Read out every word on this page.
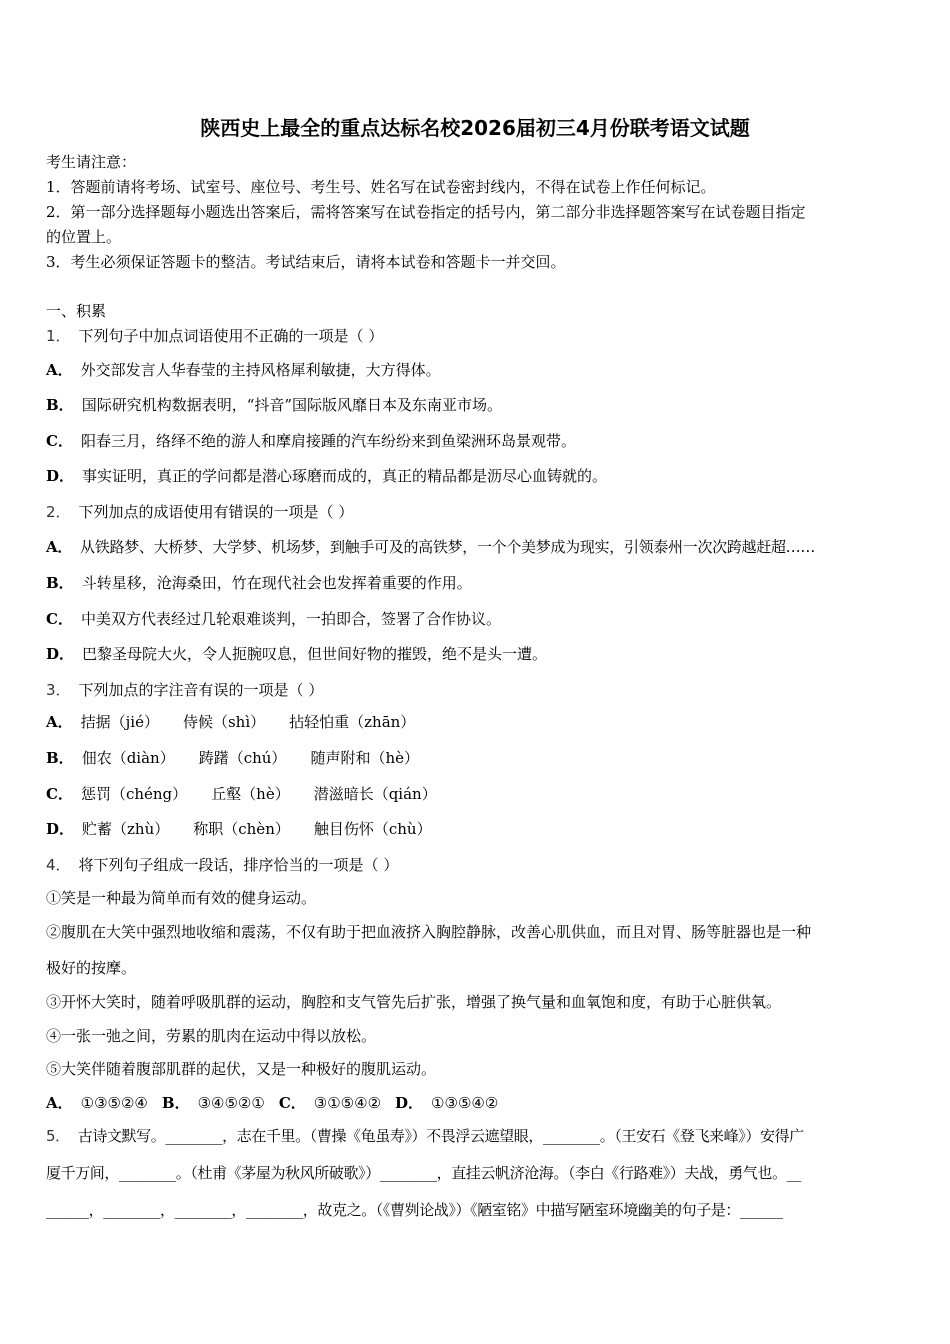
陕西史上最全的重点达标名校2026届初三4月份联考语文试题
考生请注意：
1．答题前请将考场、试室号、座位号、考生号、姓名写在试卷密封线内，不得在试卷上作任何标记。
2．第一部分选择题每小题选出答案后，需将答案写在试卷指定的括号内，第二部分非选择题答案写在试卷题目指定
的位置上。
3．考生必须保证答题卡的整洁。考试结束后，请将本试卷和答题卡一并交回。
一、积累
1． 下列句子中加点词语使用不正确的一项是（ ）
A． 外交部发言人华春莹的主持风格犀利敏捷，大方得体。
B． 国际研究机构数据表明，“抖音”国际版风靡日本及东南亚市场。
C． 阳春三月，络绎不绝的游人和摩肩接踵的汽车纷纷来到鱼梁洲环岛景观带。
D． 事实证明，真正的学问都是潜心琢磨而成的，真正的精品都是沥尽心血铸就的。
2． 下列加点的成语使用有错误的一项是（ ）
A． 从铁路梦、大桥梦、大学梦、机场梦，到触手可及的高铁梦，一个个美梦成为现实，引领泰州一次次跨越赶超……
B． 斗转星移，沧海桑田，竹在现代社会也发挥着重要的作用。
C． 中美双方代表经过几轮艰难谈判，一拍即合，签署了合作协议。
D． 巴黎圣母院大火，令人扼腕叹息，但世间好物的摧毁，绝不是头一遭。
3． 下列加点的字注音有误的一项是（ ）
A． 拮据（jié） 侍候（shì） 拈轻怕重（zhān）
B． 佃农（diàn） 踌躇（chú） 随声附和（hè）
C． 惩罚（chéng） 丘壑（hè） 潜滋暗长（qián）
D． 贮蓄（zhù） 称职（chèn） 触目伤怀（chù）
4． 将下列句子组成一段话，排序恰当的一项是（ ）
①笑是一种最为简单而有效的健身运动。
②腹肌在大笑中强烈地收缩和震荡，不仅有助于把血液挤入胸腔静脉，改善心肌供血，而且对胃、肠等脏器也是一种
极好的按摩。
③开怀大笑时，随着呼吸肌群的运动，胸腔和支气管先后扩张，增强了换气量和血氧饱和度，有助于心脏供氧。
④一张一弛之间，劳累的肌肉在运动中得以放松。
⑤大笑伴随着腹部肌群的起伏，又是一种极好的腹肌运动。
A． ①③⑤②④ B． ③④⑤②① C． ③①⑤④② D． ①③⑤④②
5． 古诗文默写。________，志在千里。（曹操《龟虽寿》）不畏浮云遮望眼，________。（王安石《登飞来峰》）安得广
厦千万间，________。（杜甫《茅屋为秋风所破歌》）________，直挂云帆济沧海。（李白《行路难》）夫战，勇气也。__
______，________，________，________，故克之。（《曹刿论战》）《陋室铭》中描写陋室环境幽美的句子是：______
